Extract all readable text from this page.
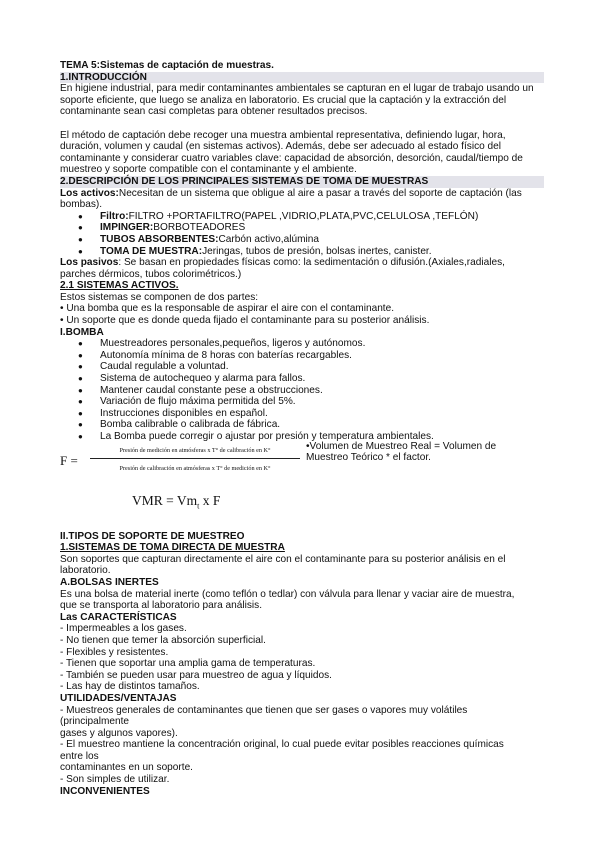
TEMA 5:Sistemas de captación de muestras.

1.INTRODUCCIÓN

En higiene industrial, para medir contaminantes ambientales se capturan en el lugar de trabajo usando un

soporte eficiente, que luego se analiza en laboratorio. Es crucial que la captación y la extracción del

contaminante sean casi completas para obtener resultados precisos.

El método de captación debe recoger una muestra ambiental representativa, definiendo lugar, hora,

duración, volumen y caudal (en sistemas activos). Además, debe ser adecuado al estado físico del

contaminante y considerar cuatro variables clave: capacidad de absorción, desorción, caudal/tiempo de

muestreo y soporte compatible con el contaminante y el ambiente.

2.DESCRIPCIÓN DE LOS PRINCIPALES SISTEMAS DE TOMA DE MUESTRAS

Los activos:Necesitan de un sistema que obligue al aire a pasar a través del soporte de captación (las

bombas).

● Filtro:FILTRO +PORTAFILTRO(PAPEL ,VIDRIO,PLATA,PVC,CELULOSA ,TEFLÓN)
● IMPINGER:BORBOTEADORES
● TUBOS ABSORBENTES:Carbón activo,alúmina
● TOMA DE MUESTRA:Jeringas, tubos de presión, bolsas inertes, canister.

Los pasivos: Se basan en propiedades físicas como: la sedimentación o difusión.(Axiales,radiales,

parches dérmicos, tubos colorimétricos.)

2.1 SISTEMAS ACTIVOS.

Estos sistemas se componen de dos partes:

• Una bomba que es la responsable de aspirar el aire con el contaminante.

• Un soporte que es donde queda fijado el contaminante para su posterior análisis.

I.BOMBA

● Muestreadores personales,pequeños, ligeros y autónomos.
● Autonomía mínima de 8 horas con baterías recargables.
● Caudal regulable a voluntad.
● Sistema de autochequeo y alarma para fallos.
● Mantener caudal constante pese a obstrucciones.
● Variación de flujo máxima permitida del 5%.
● Instrucciones disponibles en español.
● Bomba calibrable o calibrada de fábrica.
● La Bomba puede corregir o ajustar por presión y temperatura ambientales.
F =
Presión de medición en atmósferas x T° de calibración en K°
Presión de calibración en atmósferas x T° de medición en K°

•Volumen de Muestreo Real = Volumen de

Muestreo Teórico * el factor.

VMR = $Vm_t$ x F

II.TIPOS DE SOPORTE DE MUESTREO

1.SISTEMAS DE TOMA DIRECTA DE MUESTRA

Son soportes que capturan directamente el aire con el contaminante para su posterior análisis en el

laboratorio.

A.BOLSAS INERTES

Es una bolsa de material inerte (como teflón o tedlar) con válvula para llenar y vaciar aire de muestra,

que se transporta al laboratorio para análisis.

Las CARACTERÍSTICAS

- Impermeables a los gases.

- No tienen que temer la absorción superficial.

- Flexibles y resistentes.

- Tienen que soportar una amplia gama de temperaturas.

- También se pueden usar para muestreo de agua y líquidos.

- Las hay de distintos tamaños.

UTILIDADES/VENTAJAS

- Muestreos generales de contaminantes que tienen que ser gases o vapores muy volátiles

(principalmente

gases y algunos vapores).

- El muestreo mantiene la concentración original, lo cual puede evitar posibles reacciones químicas

entre los

contaminantes en un soporte.

- Son simples de utilizar.

INCONVENIENTES
